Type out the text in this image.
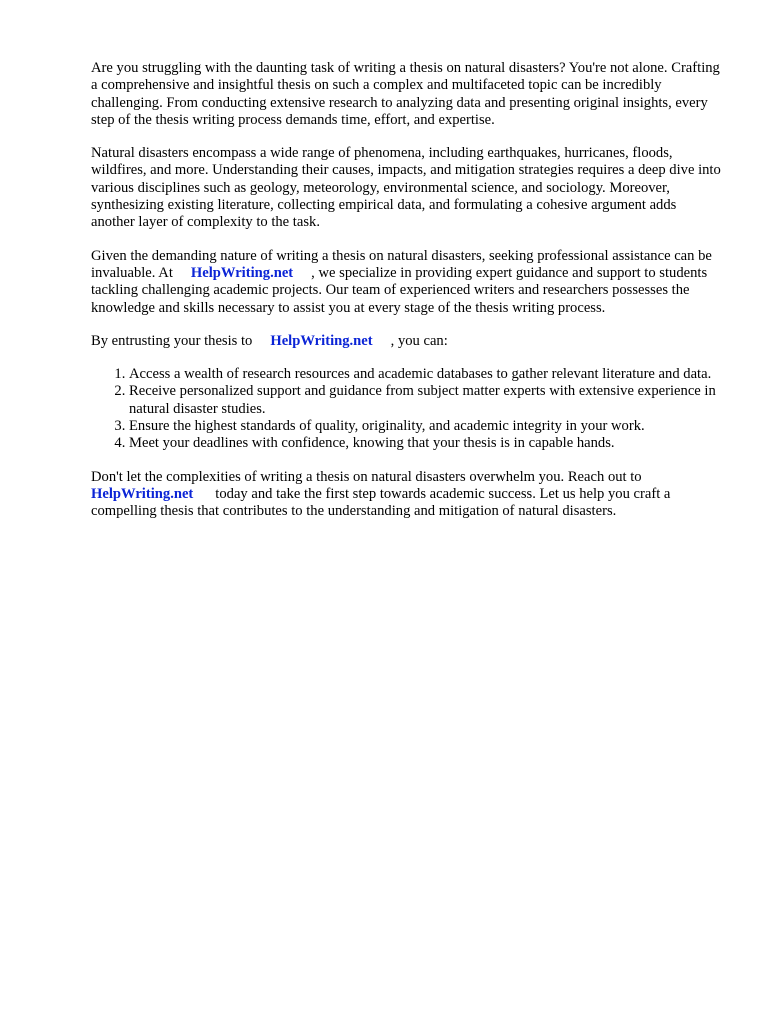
Are you struggling with the daunting task of writing a thesis on natural disasters? You're not alone. Crafting a comprehensive and insightful thesis on such a complex and multifaceted topic can be incredibly challenging. From conducting extensive research to analyzing data and presenting original insights, every step of the thesis writing process demands time, effort, and expertise.

Natural disasters encompass a wide range of phenomena, including earthquakes, hurricanes, floods, wildfires, and more. Understanding their causes, impacts, and mitigation strategies requires a deep dive into various disciplines such as geology, meteorology, environmental science, and sociology. Moreover, synthesizing existing literature, collecting empirical data, and formulating a cohesive argument adds another layer of complexity to the task.

Given the demanding nature of writing a thesis on natural disasters, seeking professional assistance can be invaluable. At HelpWriting.net , we specialize in providing expert guidance and support to students tackling challenging academic projects. Our team of experienced writers and researchers possesses the knowledge and skills necessary to assist you at every stage of the thesis writing process.

By entrusting your thesis to HelpWriting.net , you can:

1. Access a wealth of research resources and academic databases to gather relevant literature and data.
2. Receive personalized support and guidance from subject matter experts with extensive experience in natural disaster studies.
3. Ensure the highest standards of quality, originality, and academic integrity in your work.
4. Meet your deadlines with confidence, knowing that your thesis is in capable hands.

Don't let the complexities of writing a thesis on natural disasters overwhelm you. Reach out to HelpWriting.net today and take the first step towards academic success. Let us help you craft a compelling thesis that contributes to the understanding and mitigation of natural disasters.
